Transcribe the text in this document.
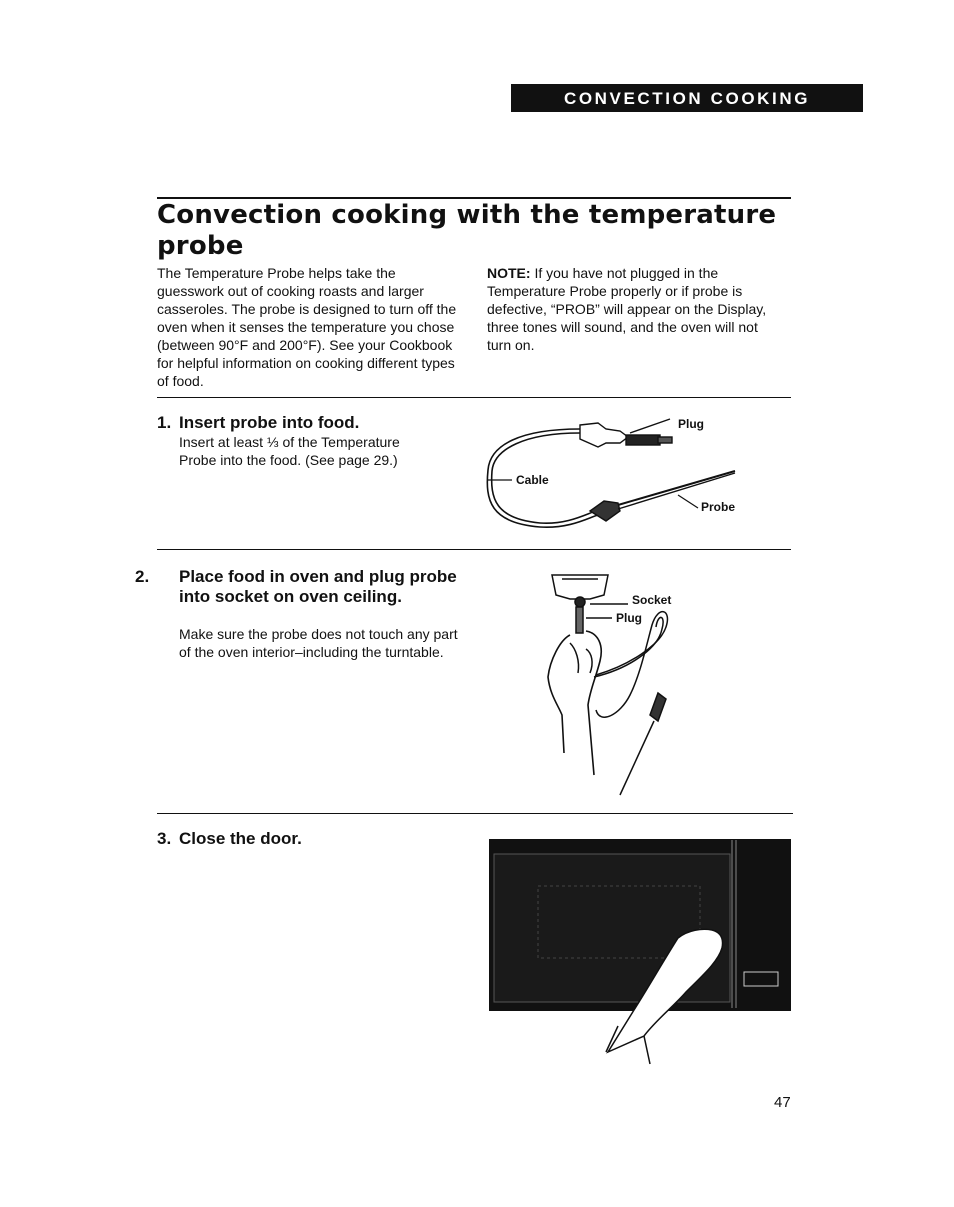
CONVECTION COOKING
Convection cooking with the temperature probe
The Temperature Probe helps take the guesswork out of cooking roasts and larger casseroles. The probe is designed to turn off the oven when it senses the temperature you chose (between 90°F and 200°F). See your Cookbook for helpful information on cooking different types of food.
NOTE: If you have not plugged in the Temperature Probe properly or if probe is defective, “PROB” will appear on the Display, three tones will sound, and the oven will not turn on.
1. Insert probe into food.
Insert at least ⅓ of the Temperature Probe into the food. (See page 29.)
Plug
Cable
Probe
2. Place food in oven and plug probe into socket on oven ceiling.
Make sure the probe does not touch any part of the oven interior–including the turntable.
Socket
Plug
3. Close the door.
47
